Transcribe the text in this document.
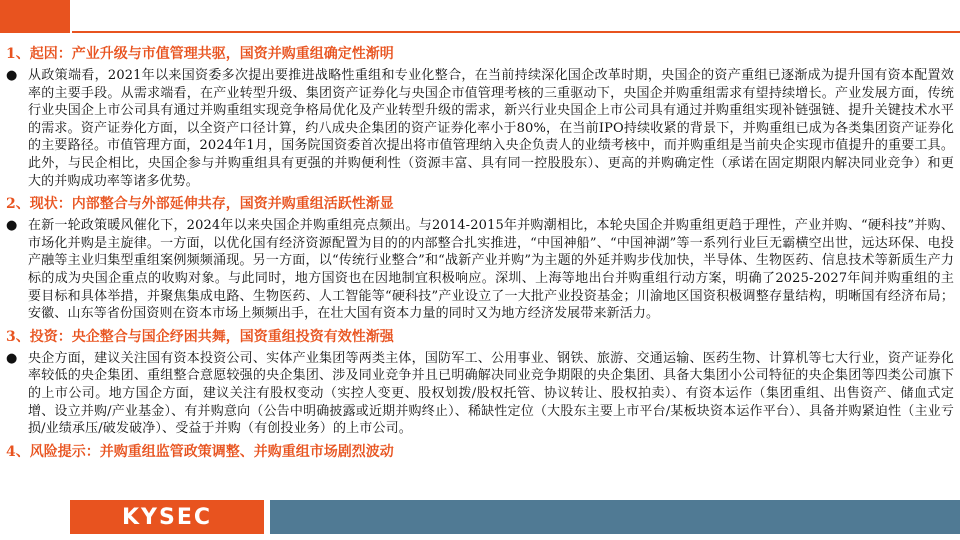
1、起因：产业升级与市值管理共驱，国资并购重组确定性渐明
● 从政策端看，2021年以来国资委多次提出要推进战略性重组和专业化整合，在当前持续深化国企改革时期，央国企的资产重组已逐渐成为提升国有资本配置效率的主要手段。从需求端看，在产业转型升级、集团资产证券化与央国企市值管理考核的三重驱动下，央国企并购重组需求有望持续增长。产业发展方面，传统行业央国企上市公司具有通过并购重组实现竞争格局优化及产业转型升级的需求，新兴行业央国企上市公司具有通过并购重组实现补链强链、提升关键技术水平的需求。资产证券化方面，以全资产口径计算，约八成央企集团的资产证券化率小于80%，在当前IPO持续收紧的背景下，并购重组已成为各类集团资产证券化的主要路径。市值管理方面，2024年1月，国务院国资委首次提出将市值管理纳入央企负责人的业绩考核中，而并购重组是当前央企实现市值提升的重要工具。此外，与民企相比，央国企参与并购重组具有更强的并购便利性（资源丰富、具有同一控股股东）、更高的并购确定性（承诺在固定期限内解决同业竞争）和更大的并购成功率等诸多优势。
2、现状：内部整合与外部延伸共存，国资并购重组活跃性渐显
● 在新一轮政策暖风催化下，2024年以来央国企并购重组亮点频出。与2014-2015年并购潮相比，本轮央国企并购重组更趋于理性，产业并购、“硬科技”并购、市场化并购是主旋律。一方面，以优化国有经济资源配置为目的的内部整合扎实推进，“中国神船”、“中国神湖”等一系列行业巨无霸横空出世，远达环保、电投产融等主业归集型重组案例频频涌现。另一方面，以“传统行业整合”和“战新产业并购”为主题的外延并购步伐加快，半导体、生物医药、信息技术等新质生产力标的成为央国企重点的收购对象。与此同时，地方国资也在因地制宜积极响应。深圳、上海等地出台并购重组行动方案，明确了2025-2027年间并购重组的主要目标和具体举措，并聚焦集成电路、生物医药、人工智能等“硬科技”产业设立了一大批产业投资基金；川渝地区国资积极调整存量结构，明晰国有经济布局；安徽、山东等省份国资则在资本市场上频频出手，在壮大国有资本力量的同时又为地方经济发展带来新活力。
3、投资：央企整合与国企纾困共舞，国资重组投资有效性渐强
● 央企方面，建议关注国有资本投资公司、实体产业集团等两类主体，国防军工、公用事业、钢铁、旅游、交通运输、医药生物、计算机等七大行业，资产证券化率较低的央企集团、重组整合意愿较强的央企集团、涉及同业竞争并且已明确解决同业竞争期限的央企集团、具备大集团小公司特征的央企集团等四类公司旗下的上市公司。地方国企方面，建议关注有股权变动（实控人变更、股权划拨/股权托管、协议转让、股权拍卖）、有资本运作（集团重组、出售资产、储血式定增、设立并购/产业基金）、有并购意向（公告中明确披露或近期并购终止）、稀缺性定位（大股东主要上市平台/某板块资本运作平台）、具备并购紧迫性（主业亏损/业绩承压/破发破净）、受益于并购（有创投业务）的上市公司。
4、风险提示：并购重组监管政策调整、并购重组市场剧烈波动
KYSEC
